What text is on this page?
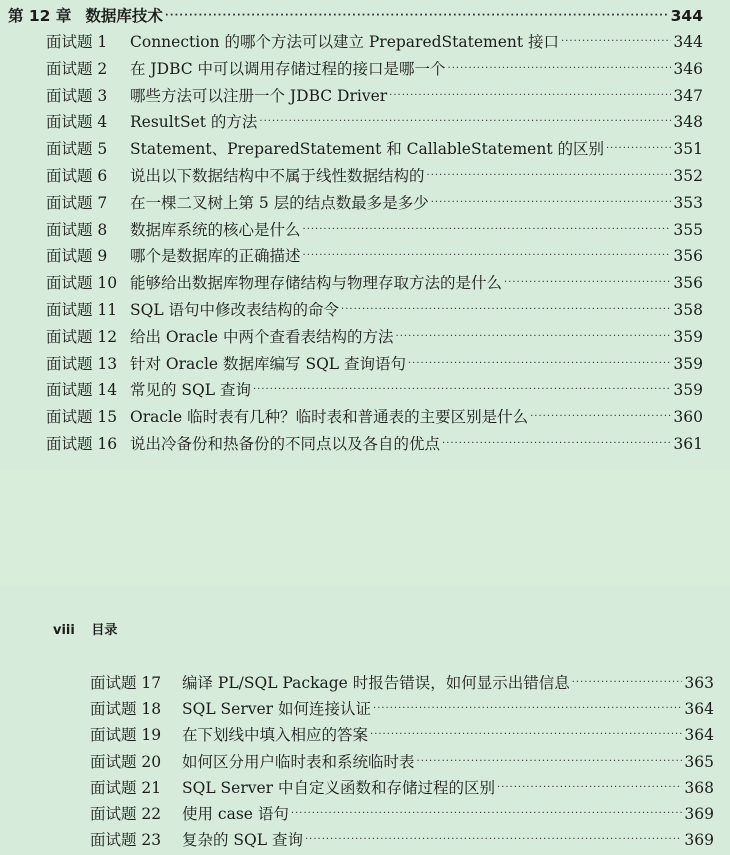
第 12 章 数据库技术 ·····	344
面试题 1	Connection 的哪个方法可以建立 PreparedStatement 接口 ·····	344
面试题 2	在 JDBC 中可以调用存储过程的接口是哪一个 ·····	346
面试题 3	哪些方法可以注册一个 JDBC Driver ·····	347
面试题 4	ResultSet 的方法 ·····	348
面试题 5	Statement、PreparedStatement 和 CallableStatement 的区别 ·····	351
面试题 6	说出以下数据结构中不属于线性数据结构的 ·····	352
面试题 7	在一棵二叉树上第 5 层的结点数最多是多少 ·····	353
面试题 8	数据库系统的核心是什么 ·····	355
面试题 9	哪个是数据库的正确描述 ·····	356
面试题 10 能够给出数据库物理存储结构与物理存取方法的是什么 ·····	356
面试题 11 SQL 语句中修改表结构的命令 ·····	358
面试题 12 给出 Oracle 中两个查看表结构的方法 ·····	359
面试题 13 针对 Oracle 数据库编写 SQL 查询语句 ·····	359
面试题 14 常见的 SQL 查询 ·····	359
面试题 15 Oracle 临时表有几种？临时表和普通表的主要区别是什么 ·····	360
面试题 16 说出冷备份和热备份的不同点以及各自的优点 ·····	361
viii 目录
面试题 17	编译 PL/SQL Package 时报告错误，如何显示出错信息 ·····	363
面试题 18	SQL Server 如何连接认证 ·····	364
面试题 19	在下划线中填入相应的答案 ·····	364
面试题 20	如何区分用户临时表和系统临时表 ·····	365
面试题 21	SQL Server 中自定义函数和存储过程的区别 ·····	368
面试题 22	使用 case 语句 ·····	369
面试题 23	复杂的 SQL 查询 ·····	369
